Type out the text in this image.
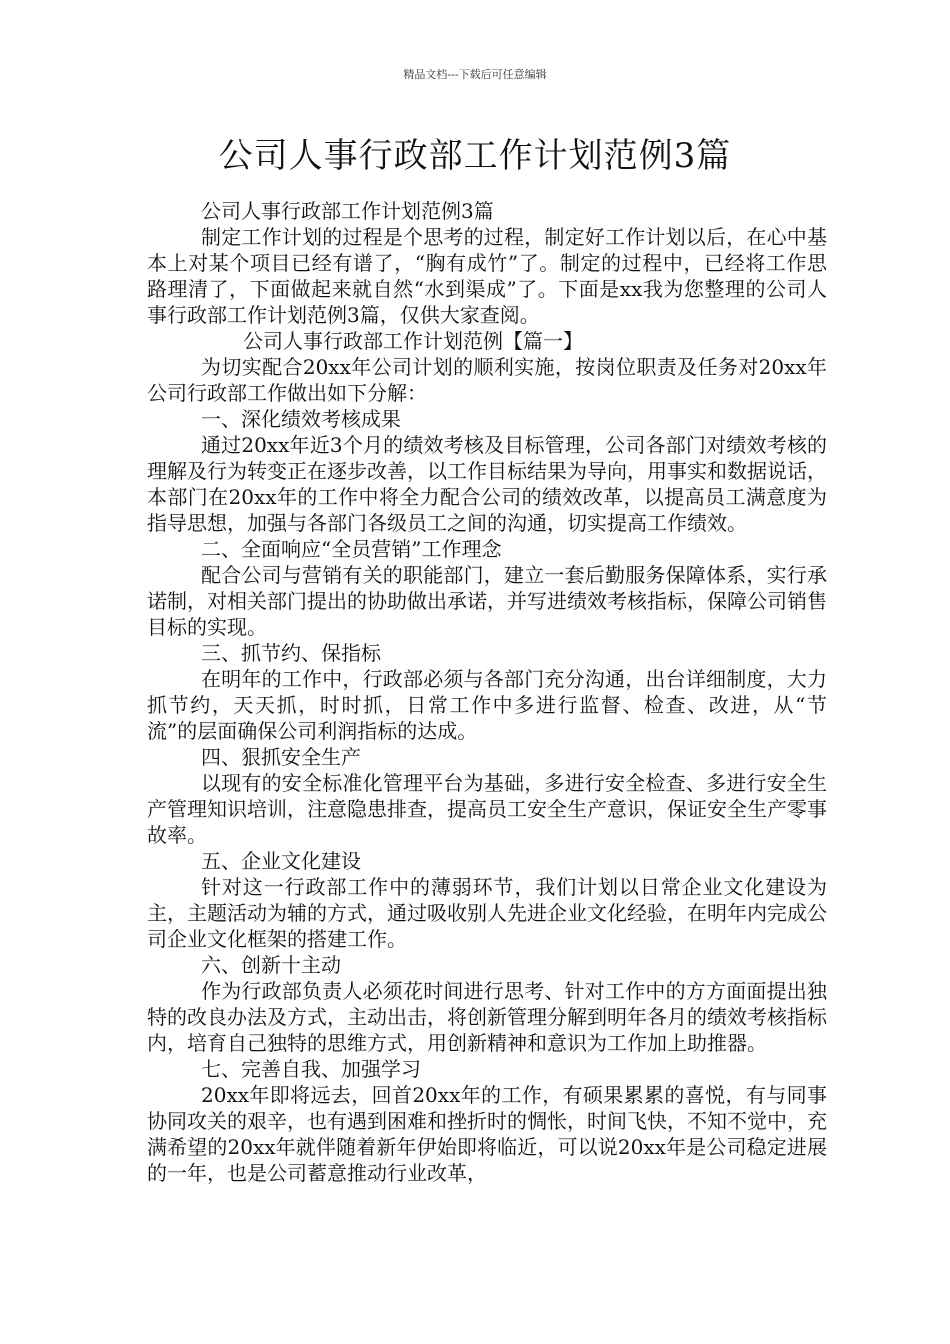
精品文档---下载后可任意编辑
公司人事行政部工作计划范例3篇

公司人事行政部工作计划范例3篇

制定工作计划的过程是个思考的过程，制定好工作计划以后，在心中基本上对某个项目已经有谱了，“胸有成竹”了。制定的过程中，已经将工作思路理清了，下面做起来就自然“水到渠成”了。下面是xx我为您整理的公司人事行政部工作计划范例3篇，仅供大家查阅。

公司人事行政部工作计划范例【篇一】

为切实配合20xx年公司计划的顺利实施，按岗位职责及任务对20xx年公司行政部工作做出如下分解：

一、深化绩效考核成果

通过20xx年近3个月的绩效考核及目标管理，公司各部门对绩效考核的理解及行为转变正在逐步改善，以工作目标结果为导向，用事实和数据说话，本部门在20xx年的工作中将全力配合公司的绩效改革，以提高员工满意度为指导思想，加强与各部门各级员工之间的沟通，切实提高工作绩效。

二、全面响应“全员营销”工作理念

配合公司与营销有关的职能部门，建立一套后勤服务保障体系，实行承诺制，对相关部门提出的协助做出承诺，并写进绩效考核指标，保障公司销售目标的实现。

三、抓节约、保指标

在明年的工作中，行政部必须与各部门充分沟通，出台详细制度，大力抓节约，天天抓，时时抓，日常工作中多进行监督、检查、改进，从“节流”的层面确保公司利润指标的达成。

四、狠抓安全生产

以现有的安全标准化管理平台为基础，多进行安全检查、多进行安全生产管理知识培训，注意隐患排查，提高员工安全生产意识，保证安全生产零事故率。

五、企业文化建设

针对这一行政部工作中的薄弱环节，我们计划以日常企业文化建设为主，主题活动为辅的方式，通过吸收别人先进企业文化经验，在明年内完成公司企业文化框架的搭建工作。

六、创新十主动

作为行政部负责人必须花时间进行思考、针对工作中的方方面面提出独特的改良办法及方式，主动出击，将创新管理分解到明年各月的绩效考核指标内，培育自己独特的思维方式，用创新精神和意识为工作加上助推器。

七、完善自我、加强学习

20xx年即将远去，回首20xx年的工作，有硕果累累的喜悦，有与同事协同攻关的艰辛，也有遇到困难和挫折时的惆怅，时间飞快，不知不觉中，充满希望的20xx年就伴随着新年伊始即将临近，可以说20xx年是公司稳定进展的一年，也是公司蓄意推动行业改革，
